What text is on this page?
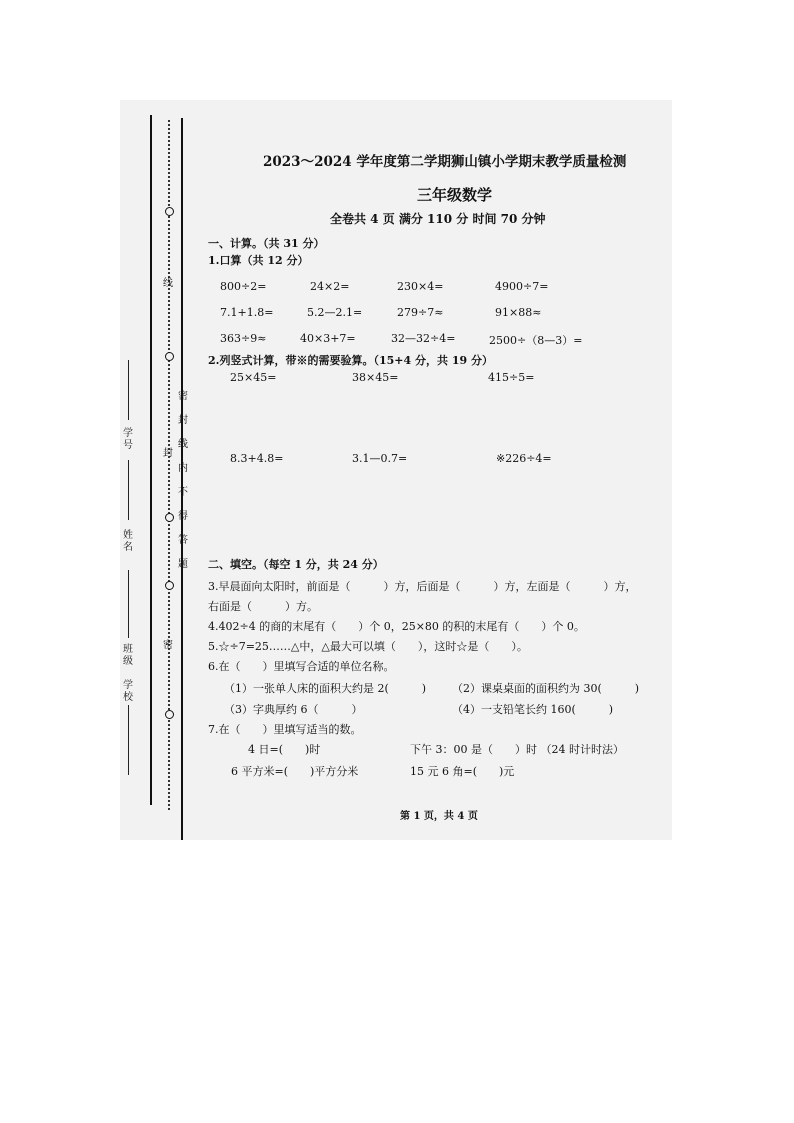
线
封
密
密封线内不得答题
学号
姓名
学校
班级
2023～2024 学年度第二学期狮山镇小学期末教学质量检测
三年级数学
全卷共 4 页 满分 110 分 时间 70 分钟
一、计算。（共 31 分）
1.口算（共 12 分）
800÷2=	24×2=	230×4=	4900÷7=
7.1+1.8=	5.2—2.1=	279÷7≈	91×88≈
363÷9≈	40×3+7=	32—32÷4=	2500÷（8—3）=
2.列竖式计算，带※的需要验算。（15+4 分，共 19 分）
25×45=	38×45=	415÷5=
8.3+4.8=	3.1—0.7=	※226÷4=
二、填空。（每空 1 分，共 24 分）
3.早晨面向太阳时，前面是（　　　）方，后面是（　　　）方，左面是（　　　）方，
右面是（　　　）方。
4.402÷4 的商的末尾有（　　）个 0，25×80 的积的末尾有（　　）个 0。
5.☆÷7=25……△中，△最大可以填（　　），这时☆是（　　）。
6.在（　　）里填写合适的单位名称。
（1）一张单人床的面积大约是 2(　　　) （2）课桌桌面的面积约为 30(　　　)
（3）字典厚约 6（　　　）	（4）一支铅笔长约 160(　　　)
7.在（　　）里填写适当的数。
4 日=(　　)时	下午 3：00 是（　　）时 （24 时计时法）
6 平方米=(　　)平方分米	15 元 6 角=(　　)元
第 1 页，共 4 页
